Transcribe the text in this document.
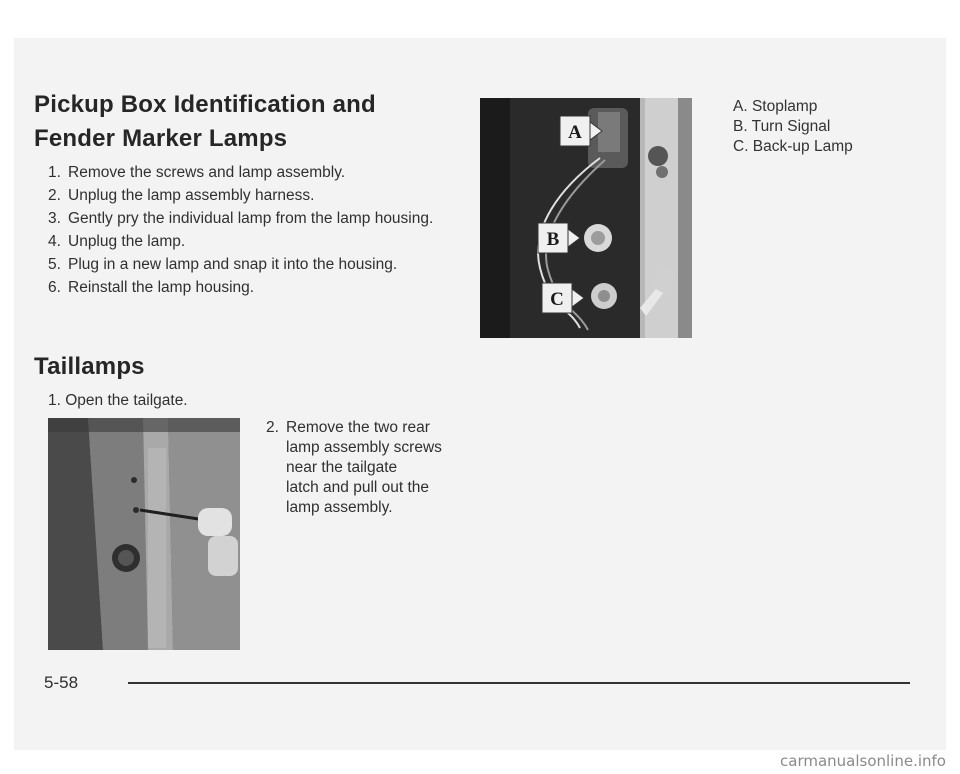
Pickup Box Identification and
Fender Marker Lamps
1. Remove the screws and lamp assembly.
2. Unplug the lamp assembly harness.
3. Gently pry the individual lamp from the lamp housing.
4. Unplug the lamp.
5. Plug in a new lamp and snap it into the housing.
6. Reinstall the lamp housing.
A
B
C
A. Stoplamp
B. Turn Signal
C. Back-up Lamp
Taillamps
1. Open the tailgate.
2. Remove the two rear
lamp assembly screws
near the tailgate
latch and pull out the
lamp assembly.
5-58
carmanualsonline.info
